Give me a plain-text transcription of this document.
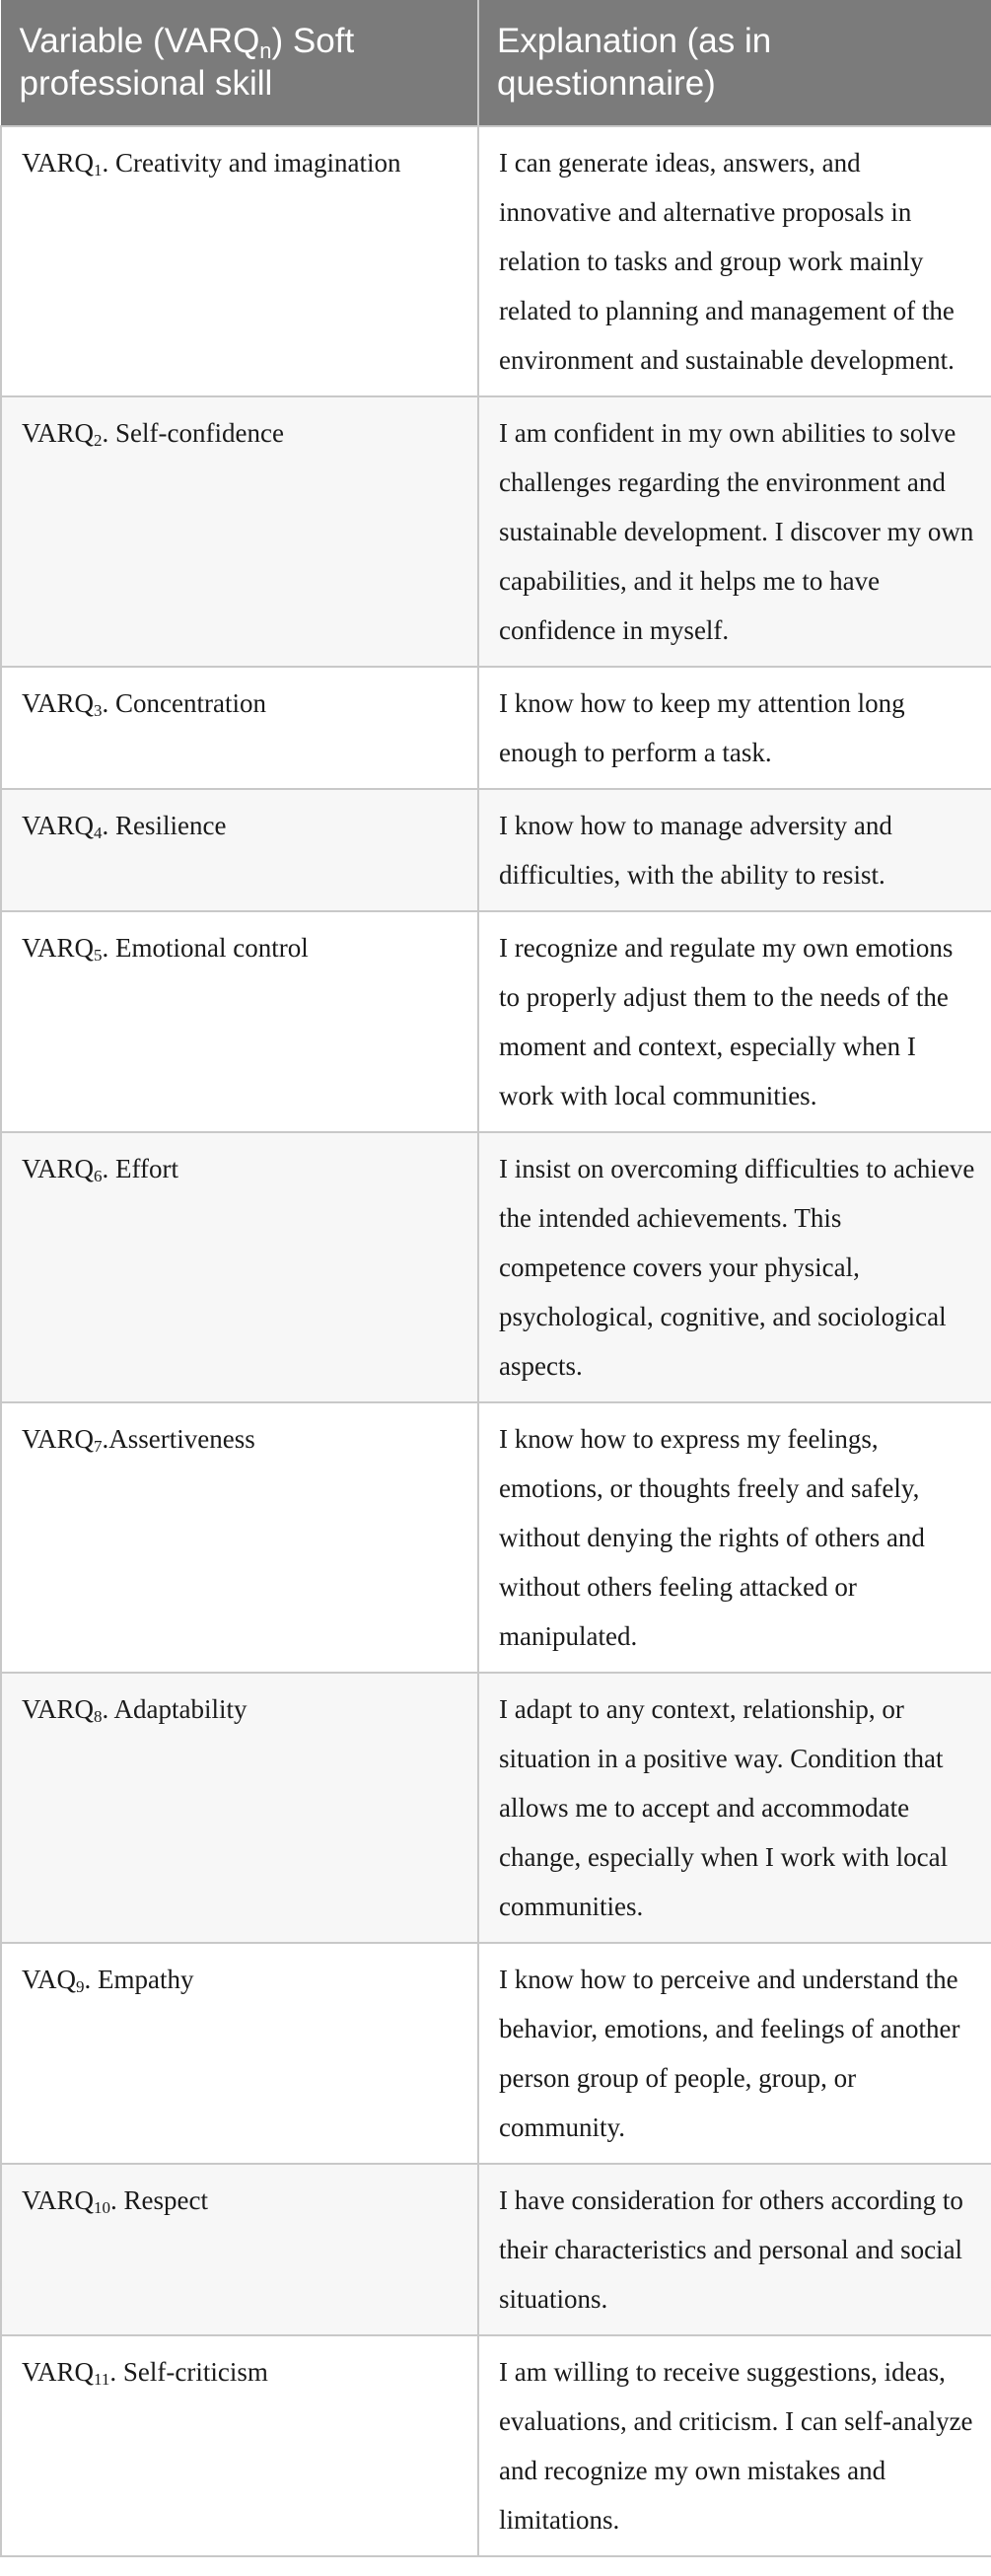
Variable $(VARQ_n)$ Soft professional skill	Explanation (as in questionnaire)
$VARQ_1$. Creativity and imagination	I can generate ideas, answers, and innovative and alternative proposals in relation to tasks and group work mainly related to planning and management of the environment and sustainable development.
$VARQ_2$. Self-confidence	I am confident in my own abilities to solve challenges regarding the environment and sustainable development. I discover my own capabilities, and it helps me to have confidence in myself.
$VARQ_3$. Concentration	I know how to keep my attention long enough to perform a task.
$VARQ_4$. Resilience	I know how to manage adversity and difficulties, with the ability to resist.
$VARQ_5$. Emotional control	I recognize and regulate my own emotions to properly adjust them to the needs of the moment and context, especially when I work with local communities.
$VARQ_6$. Effort	I insist on overcoming difficulties to achieve the intended achievements. This competence covers your physical, psychological, cognitive, and sociological aspects.
$VARQ_7.Assertiveness$	I know how to express my feelings, emotions, or thoughts freely and safely, without denying the rights of others and without others feeling attacked or manipulated.
$VARQ_8$. Adaptability	I adapt to any context, relationship, or situation in a positive way. Condition that allows me to accept and accommodate change, especially when I work with local communities.
$VAQ_9$. Empathy	I know how to perceive and understand the behavior, emotions, and feelings of another person group of people, group, or community.
$VARQ_{10}$. Respect	I have consideration for others according to their characteristics and personal and social situations.
$VARQ_{11}$. Self-criticism	I am willing to receive suggestions, ideas, evaluations, and criticism. I can self-analyze and recognize my own mistakes and limitations.
